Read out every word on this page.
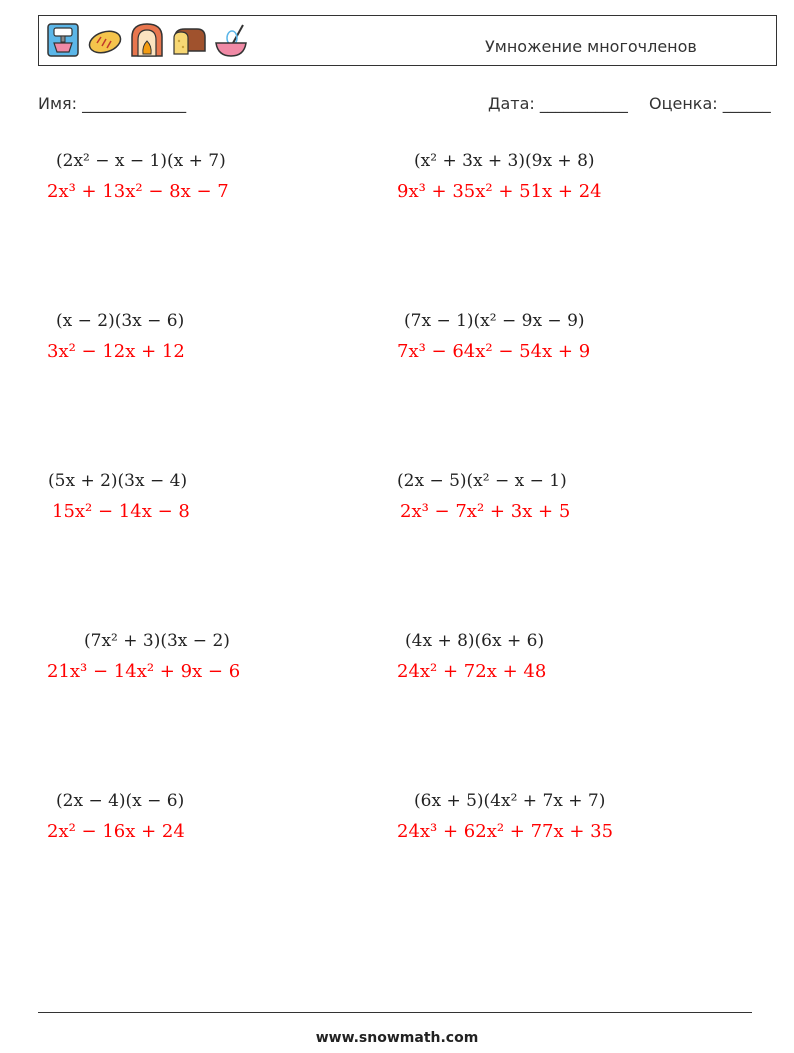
Умножение многочленов
Имя: _____________	Дата: ___________ Оценка: ______
(2x² − x − 1)(x + 7)
2x³ + 13x² − 8x − 7
(x² + 3x + 3)(9x + 8)
9x³ + 35x² + 51x + 24
(x − 2)(3x − 6)
3x² − 12x + 12
(7x − 1)(x² − 9x − 9)
7x³ − 64x² − 54x + 9
(5x + 2)(3x − 4)
15x² − 14x − 8
(2x − 5)(x² − x − 1)
2x³ − 7x² + 3x + 5
(7x² + 3)(3x − 2)
21x³ − 14x² + 9x − 6
(4x + 8)(6x + 6)
24x² + 72x + 48
(2x − 4)(x − 6)
2x² − 16x + 24
(6x + 5)(4x² + 7x + 7)
24x³ + 62x² + 77x + 35
www.snowmath.com
